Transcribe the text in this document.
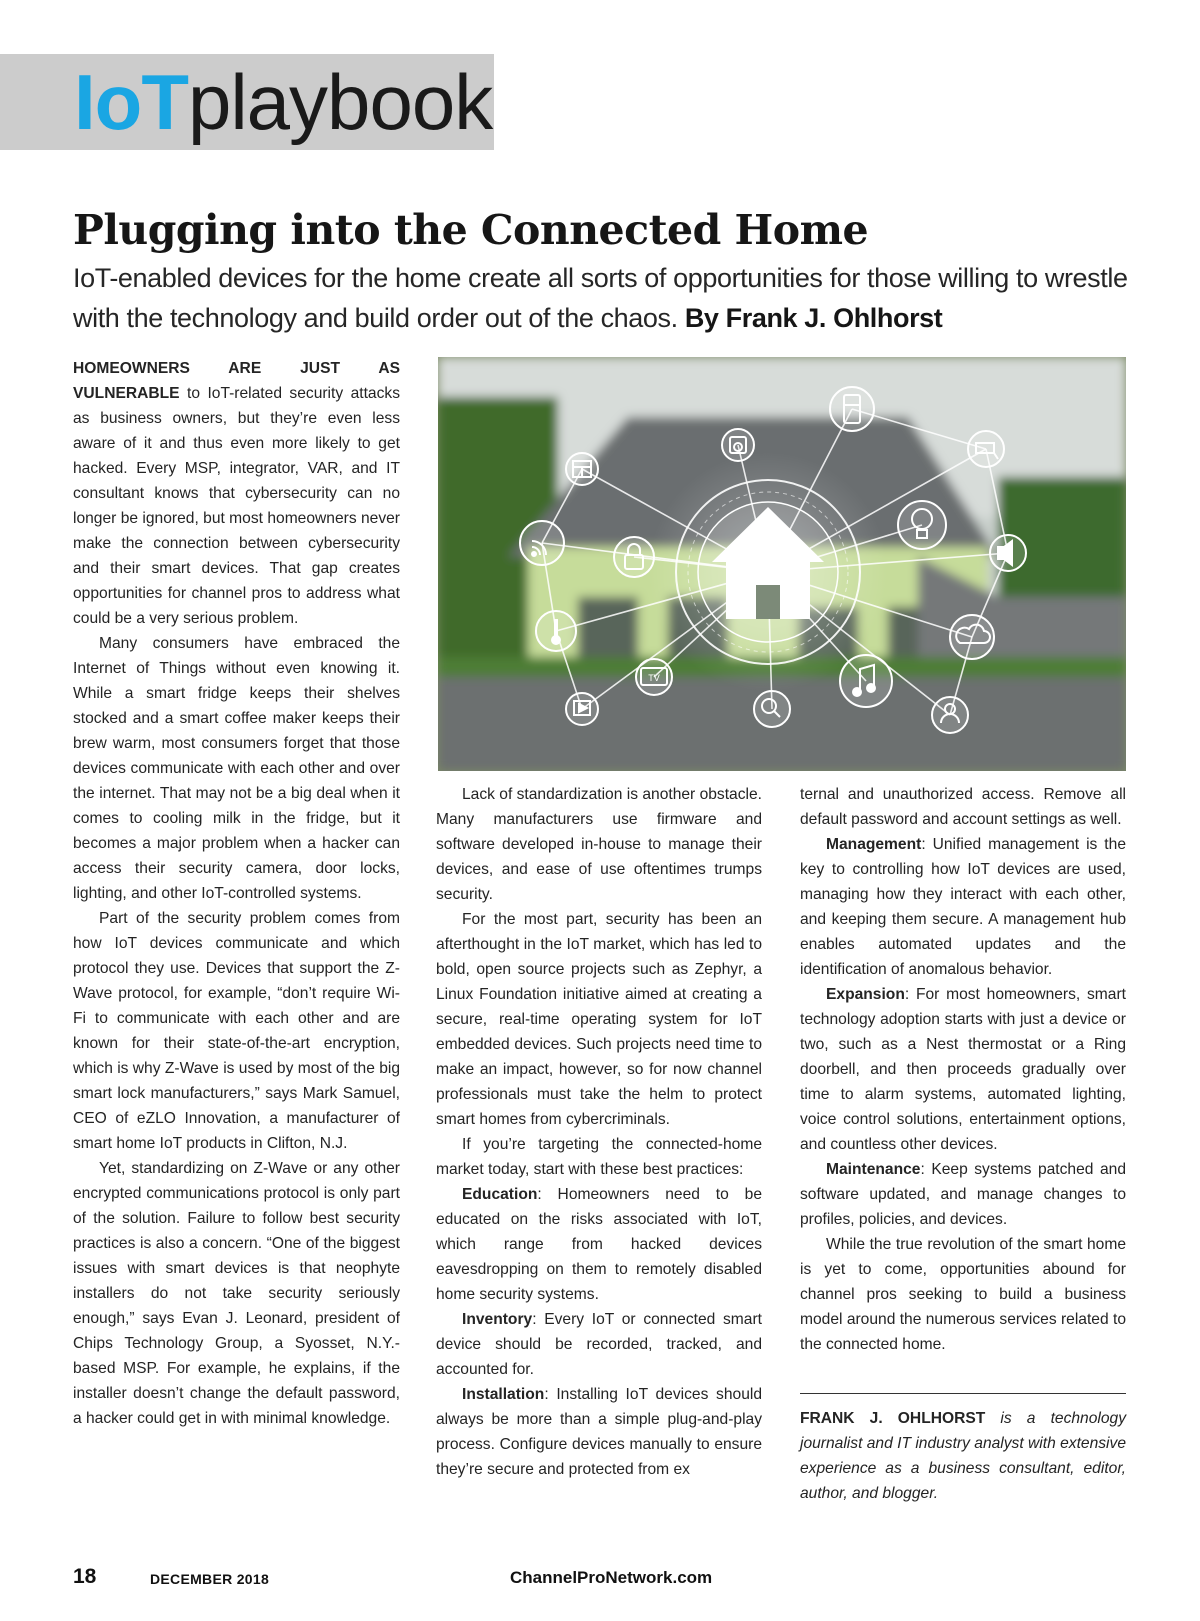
IoTplaybook
Plugging into the Connected Home

IoT-enabled devices for the home create all sorts of opportunities for those willing to wrestle with the technology and build order out of the chaos. By Frank J. Ohlhorst

HOMEOWNERS ARE JUST AS VULNERABLE to IoT-related security attacks as business owners, but they’re even less aware of it and thus even more likely to get hacked. Every MSP, integrator, VAR, and IT consultant knows that cybersecurity can no longer be ignored, but most homeowners never make the connection between cybersecurity and their smart devices. That gap creates opportunities for channel pros to address what could be a very serious problem.

Many consumers have embraced the Internet of Things without even knowing it. While a smart fridge keeps their shelves stocked and a smart coffee maker keeps their brew warm, most consumers forget that those devices communicate with each other and over the internet. That may not be a big deal when it comes to cooling milk in the fridge, but it becomes a major problem when a hacker can access their security camera, door locks, lighting, and other IoT-controlled systems.

Part of the security problem comes from how IoT devices communicate and which protocol they use. Devices that support the Z-Wave protocol, for example, “don’t require Wi-Fi to communicate with each other and are known for their state-of-the-art encryption, which is why Z-Wave is used by most of the big smart lock manufacturers,” says Mark Samuel, CEO of eZLO Innovation, a manufacturer of smart home IoT products in Clifton, N.J.

Yet, standardizing on Z-Wave or any other encrypted communications protocol is only part of the solution. Failure to follow best security practices is also a concern. “One of the biggest issues with smart devices is that neophyte installers do not take security seriously enough,” says Evan J. Leonard, president of Chips Technology Group, a Syosset, N.Y.-based MSP. For example, he explains, if the installer doesn’t change the default password, a hacker could get in with minimal knowledge.

TV

Lack of standardization is another obstacle. Many manufacturers use firmware and software developed in-house to manage their devices, and ease of use oftentimes trumps security.

For the most part, security has been an afterthought in the IoT market, which has led to bold, open source projects such as Zephyr, a Linux Foundation initiative aimed at creating a secure, real-time operating system for IoT embedded devices. Such projects need time to make an impact, however, so for now channel professionals must take the helm to protect smart homes from cybercriminals.

If you’re targeting the connected-home market today, start with these best practices:

Education: Homeowners need to be educated on the risks associated with IoT, which range from hacked devices eavesdropping on them to remotely disabled home security systems.

Inventory: Every IoT or connected smart device should be recorded, tracked, and accounted for.

Installation: Installing IoT devices should always be more than a simple plug-and-play process. Configure devices manually to ensure they’re secure and protected from ex

ternal and unauthorized access. Remove all default password and account settings as well.

Management: Unified management is the key to controlling how IoT devices are used, managing how they interact with each other, and keeping them secure. A management hub enables automated updates and the identification of anomalous behavior.

Expansion: For most homeowners, smart technology adoption starts with just a device or two, such as a Nest thermostat or a Ring doorbell, and then proceeds gradually over time to alarm systems, automated lighting, voice control solutions, entertainment options, and countless other devices.

Maintenance: Keep systems patched and software updated, and manage changes to profiles, policies, and devices.

While the true revolution of the smart home is yet to come, opportunities abound for channel pros seeking to build a business model around the numerous services related to the connected home.

FRANK J. OHLHORST is a technology journalist and IT industry analyst with extensive experience as a business consultant, editor, author, and blogger.
18	DECEMBER 2018	ChannelProNetwork.com
